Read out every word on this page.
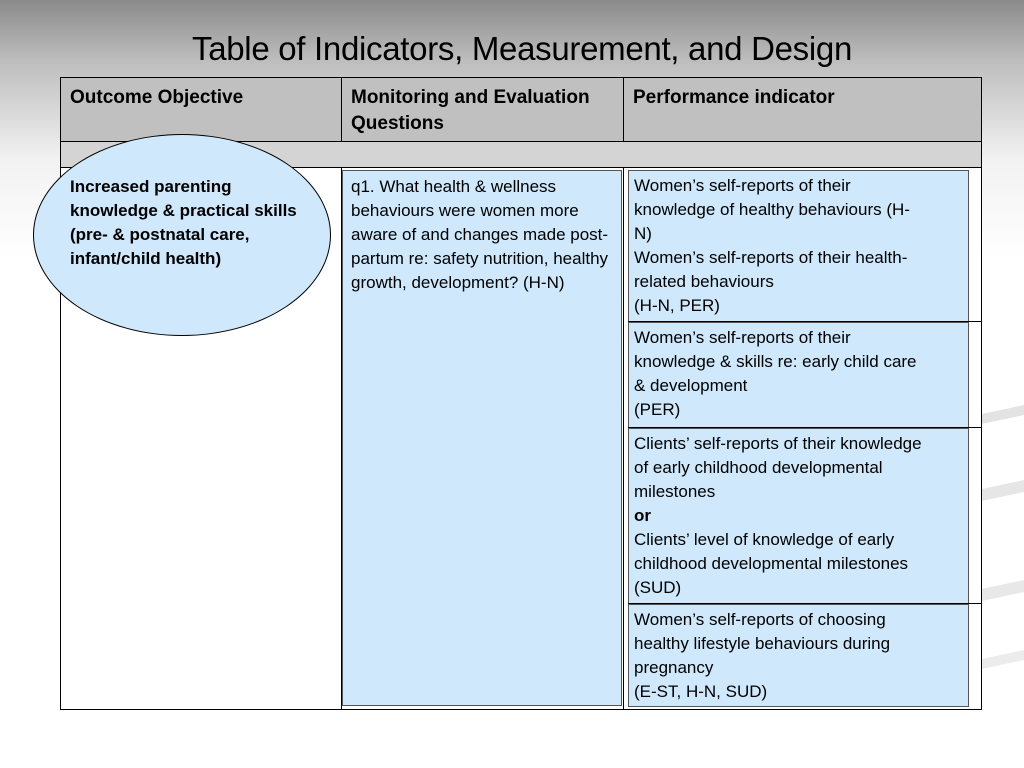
Table of Indicators, Measurement, and Design
Outcome Objective	Monitoring and Evaluation Questions
Performance indicator
Increased parenting knowledge & practical skills (pre- & postnatal care, infant/child health)
q1. What health & wellness behaviours were women more aware of and changes made post-partum re: safety nutrition, healthy growth, development? (H-N)
Women’s self-reports of their
knowledge of healthy behaviours (H-
N)
Women’s self-reports of their health-
related behaviours
(H-N, PER)
Women’s self-reports of their
knowledge & skills re: early child care
& development
(PER)
Clients’ self-reports of their knowledge
of early childhood developmental
milestones
or
Clients’ level of knowledge of early
childhood developmental milestones
(SUD)
Women’s self-reports of choosing
healthy lifestyle behaviours during
pregnancy
(E-ST, H-N, SUD)
